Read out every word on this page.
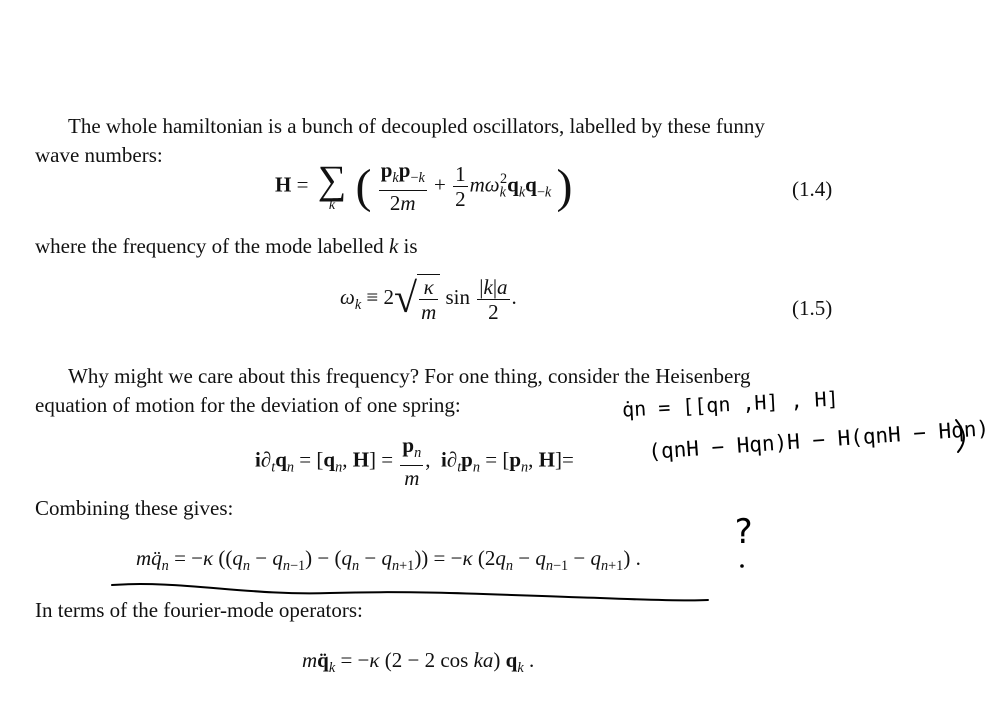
The whole hamiltonian is a bunch of decoupled oscillators, labelled by these funny
wave numbers:
H = ∑
k ( $\frac{p_kp_{-k}}{2m} + \frac{1}{2} m\omega_k^2q_kq_{-k}$ )	(1.4)
where the frequency of the mode labelled k is
$\omega_k \equiv 2√ \frac{\kappa}{m}$ $\sin \frac{|k|a}{2}$ .	(1.5)
Why might we care about this frequency? For one thing, consider the Heisenberg
equation of motion for the deviation of one spring:
$i\partial_tq_n = [q_n$, $H] = \frac{p_n}{m}$ ,  $i\partial_tp_n = [p_n$, H]=
Combining these gives:
$mq̈_n = -\kappa$ $((q_n - q_{n-1}) - (q_n - q_{n+1})) = -\kappa$ $(2q_n - q_{n-1} - q_{n+1})$ .
In terms of the fourier-mode operators:
$mq̈_k = -\kappa$ (2 − 2 cos ka) $q_k$ .
q̇n = [[qn ,H] , H]
(qnH − Hqn)H − H(qnH − Hqn)
?
